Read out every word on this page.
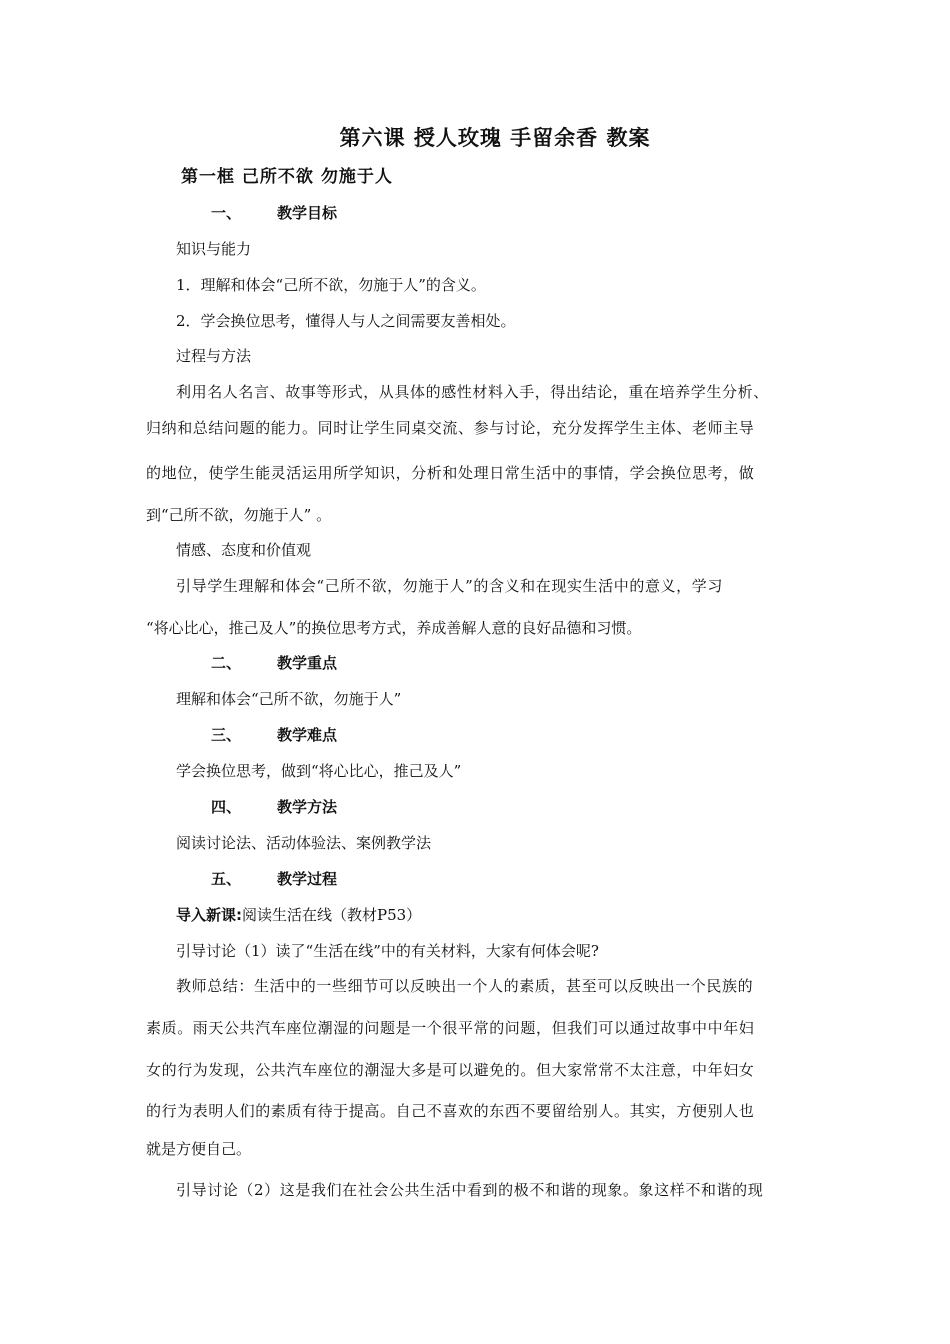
第六课 授人玫瑰 手留余香 教案
第一框 己所不欲 勿施于人
一、 教学目标
知识与能力
1．理解和体会“己所不欲，勿施于人”的含义。
2．学会换位思考，懂得人与人之间需要友善相处。
过程与方法
利用名人名言、故事等形式，从具体的感性材料入手，得出结论，重在培养学生分析、
归纳和总结问题的能力。同时让学生同桌交流、参与讨论，充分发挥学生主体、老师主导
的地位，使学生能灵活运用所学知识，分析和处理日常生活中的事情，学会换位思考，做
到“己所不欲，勿施于人” 。
情感、态度和价值观
引导学生理解和体会“己所不欲，勿施于人”的含义和在现实生活中的意义，学习
“将心比心，推己及人”的换位思考方式，养成善解人意的良好品德和习惯。
二、 教学重点
理解和体会“己所不欲，勿施于人”
三、 教学难点
学会换位思考，做到“将心比心，推己及人”
四、 教学方法
阅读讨论法、活动体验法、案例教学法
五、 教学过程
导入新课:阅读生活在线（教材P53）
引导讨论（1）读了“生活在线”中的有关材料，大家有何体会呢?
教师总结：生活中的一些细节可以反映出一个人的素质，甚至可以反映出一个民族的
素质。雨天公共汽车座位潮湿的问题是一个很平常的问题，但我们可以通过故事中中年妇
女的行为发现，公共汽车座位的潮湿大多是可以避免的。但大家常常不太注意，中年妇女
的行为表明人们的素质有待于提高。自己不喜欢的东西不要留给别人。其实，方便别人也
就是方便自己。
引导讨论（2）这是我们在社会公共生活中看到的极不和谐的现象。象这样不和谐的现
